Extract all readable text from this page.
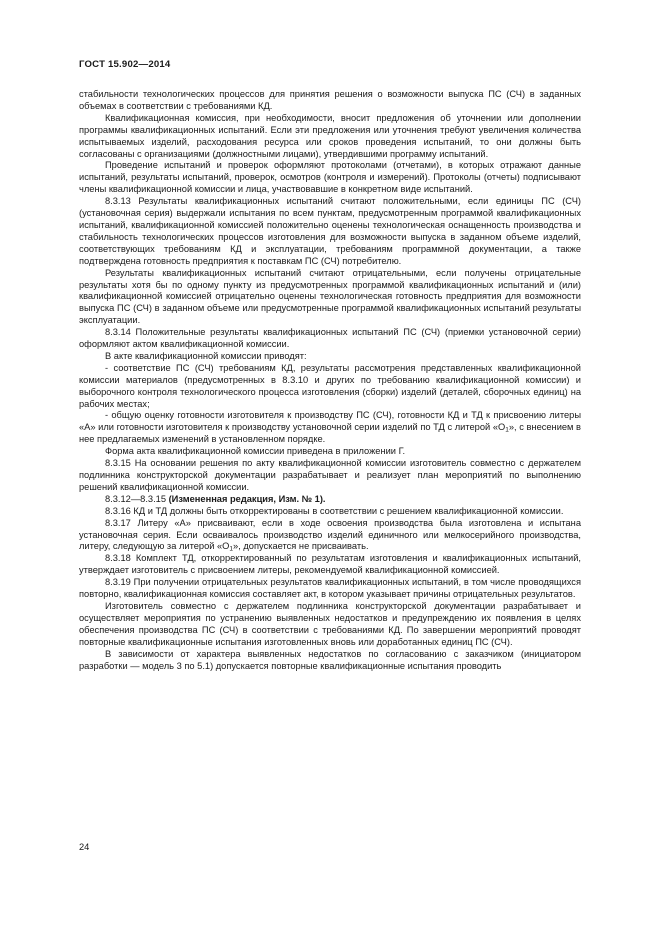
ГОСТ 15.902—2014

стабильности технологических процессов для принятия решения о возможности выпуска ПС (СЧ) в заданных объемах в соответствии с требованиями КД.

Квалификационная комиссия, при необходимости, вносит предложения об уточнении или дополнении программы квалификационных испытаний. Если эти предложения или уточнения требуют увеличения количества испытываемых изделий, расходования ресурса или сроков проведения испытаний, то они должны быть согласованы с организациями (должностными лицами), утвердившими программу испытаний.

Проведение испытаний и проверок оформляют протоколами (отчетами), в которых отражают данные испытаний, результаты испытаний, проверок, осмотров (контроля и измерений). Протоколы (отчеты) подписывают члены квалификационной комиссии и лица, участвовавшие в конкретном виде испытаний.

8.3.13 Результаты квалификационных испытаний считают положительными, если единицы ПС (СЧ) (установочная серия) выдержали испытания по всем пунктам, предусмотренным программой квалификационных испытаний, квалификационной комиссией положительно оценены технологическая оснащенность производства и стабильность технологических процессов изготовления для возможности выпуска в заданном объеме изделий, соответствующих требованиям КД и эксплуатации, требованиям программной документации, а также подтверждена готовность предприятия к поставкам ПС (СЧ) потребителю.

Результаты квалификационных испытаний считают отрицательными, если получены отрицательные результаты хотя бы по одному пункту из предусмотренных программой квалификационных испытаний и (или) квалификационной комиссией отрицательно оценены технологическая готовность предприятия для возможности выпуска ПС (СЧ) в заданном объеме или предусмотренные программой квалификационных испытаний результаты эксплуатации.

8.3.14 Положительные результаты квалификационных испытаний ПС (СЧ) (приемки установочной серии) оформляют актом квалификационной комиссии.

В акте квалификационной комиссии приводят:

- соответствие ПС (СЧ) требованиям КД, результаты рассмотрения представленных квалификационной комиссии материалов (предусмотренных в 8.3.10 и других по требованию квалификационной комиссии) и выборочного контроля технологического процесса изготовления (сборки) изделий (деталей, сборочных единиц) на рабочих местах;

- общую оценку готовности изготовителя к производству ПС (СЧ), готовности КД и ТД к присвоению литеры «А» или готовности изготовителя к производству установочной серии изделий по ТД с литерой «$О_1$», с внесением в нее предлагаемых изменений в установленном порядке.

Форма акта квалификационной комиссии приведена в приложении Г.

8.3.15 На основании решения по акту квалификационной комиссии изготовитель совместно с держателем подлинника конструкторской документации разрабатывает и реализует план мероприятий по выполнению решений квалификационной комиссии.

8.3.12—8.3.15 (Измененная редакция, Изм. № 1).

8.3.16 КД и ТД должны быть откорректированы в соответствии с решением квалификационной комиссии.

8.3.17 Литеру «А» присваивают, если в ходе освоения производства была изготовлена и испытана установочная серия. Если осваивалось производство изделий единичного или мелкосерийного производства, литеру, следующую за литерой «$О_1$», допускается не присваивать.

8.3.18 Комплект ТД, откорректированный по результатам изготовления и квалификационных испытаний, утверждает изготовитель с присвоением литеры, рекомендуемой квалификационной комиссией.

8.3.19 При получении отрицательных результатов квалификационных испытаний, в том числе проводящихся повторно, квалификационная комиссия составляет акт, в котором указывает причины отрицательных результатов.

Изготовитель совместно с держателем подлинника конструкторской документации разрабатывает и осуществляет мероприятия по устранению выявленных недостатков и предупреждению их появления в целях обеспечения производства ПС (СЧ) в соответствии с требованиями КД. По завершении мероприятий проводят повторные квалификационные испытания изготовленных вновь или доработанных единиц ПС (СЧ).

В зависимости от характера выявленных недостатков по согласованию с заказчиком (инициатором разработки — модель 3 по 5.1) допускается повторные квалификационные испытания проводить

24
